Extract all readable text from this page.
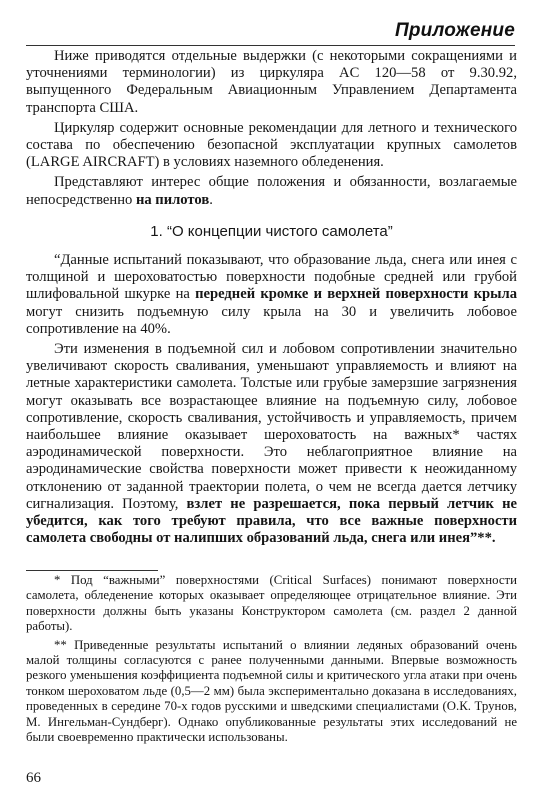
Приложение

Ниже приводятся отдельные выдержки (с некоторыми сокращениями и уточнениями терминологии) из циркуляра AC 120—58 от 9.30.92, выпущенного Федеральным Авиационным Управлением Департамента транспорта США.

Циркуляр содержит основные рекомендации для летного и технического состава по обеспечению безопасной эксплуатации крупных самолетов (LARGE AIRCRAFT) в условиях наземного обледенения.

Представляют интерес общие положения и обязанности, возлагаемые непосредственно на пилотов.

1. “О концепции чистого самолета”

“Данные испытаний показывают, что образование льда, снега или инея с толщиной и шероховатостью поверхности подобные средней или грубой шлифовальной шкурке на передней кромке и верхней поверхности крыла могут снизить подъемную силу крыла на 30 и увеличить лобовое сопротивление на 40%.

Эти изменения в подъемной сил и лобовом сопротивлении значительно увеличивают скорость сваливания, уменьшают управляемость и влияют на летные характеристики самолета. Толстые или грубые замерзшие загрязнения могут оказывать все возрастающее влияние на подъемную силу, лобовое сопротивление, скорость сваливания, устойчивость и управляемость, причем наибольшее влияние оказывает шероховатость на важных* частях аэродинамической поверхности. Это неблагоприятное влияние на аэродинамические свойства поверхности может привести к неожиданному отклонению от заданной траектории полета, о чем не всегда дается летчику сигнализация. Поэтому, взлет не разрешается, пока первый летчик не убедится, как того требуют правила, что все важные поверхности самолета свободны от налипших образований льда, снега или инея”**.

* Под “важными” поверхностями (Critical Surfaces) понимают поверхности самолета, обледенение которых оказывает определяющее отрицательное влияние. Эти поверхности должны быть указаны Конструктором самолета (см. раздел 2 данной работы).

** Приведенные результаты испытаний о влиянии ледяных образований очень малой толщины согласуются с ранее полученными данными. Впервые возможность резкого уменьшения коэффициента подъемной силы и критического угла атаки при очень тонком шероховатом льде (0,5—2 мм) была экспериментально доказана в исследованиях, проведенных в середине 70-х годов русскими и шведскими специалистами (О.К. Трунов, М. Ингельман-Сундберг). Однако опубликованные результаты этих исследований не были своевременно практически использованы.

66
